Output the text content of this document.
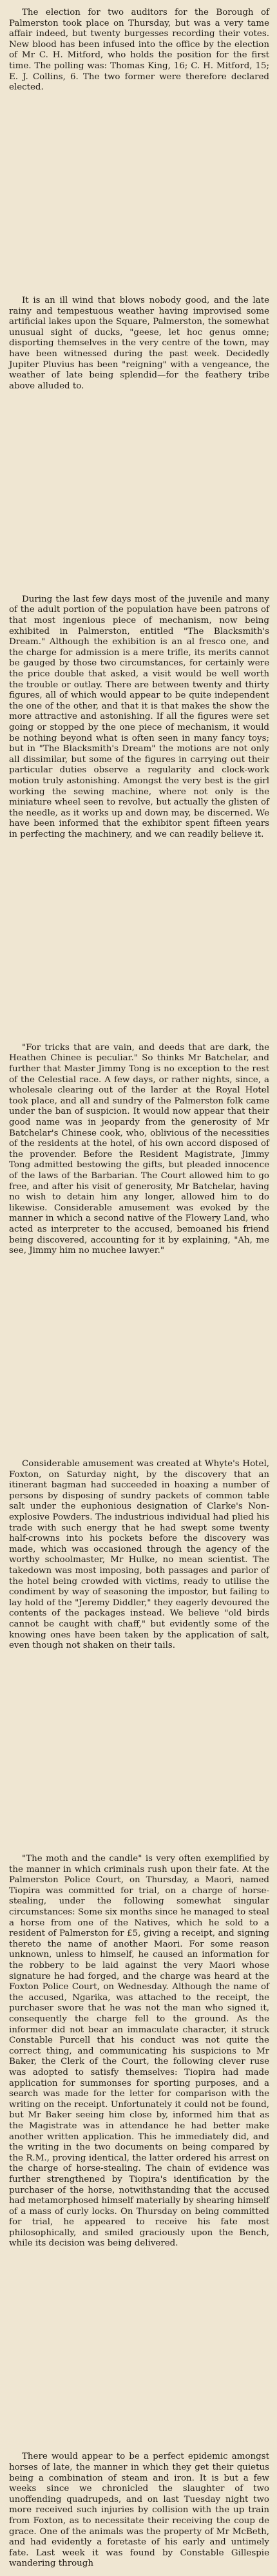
The election for two auditors for the Borough of Palmerston took place on Thursday, but was a very tame affair indeed, but twenty burgesses recording their votes. New blood has been infused into the office by the election of Mr C. H. Mitford, who holds the position for the first time. The polling was: Thomas King, 16; C. H. Mitford, 15; E. J. Collins, 6. The two former were therefore declared elected.

It is an ill wind that blows nobody good, and the late rainy and tempestuous weather having improvised some artificial lakes upon the Square, Palmerston, the somewhat unusual sight of ducks, "geese, let hoc genus omne; disporting themselves in the very centre of the town, may have been witnessed during the past week. Decidedly Jupiter Pluvius has been "reigning" with a vengeance, the weather of late being splendid—for the feathery tribe above alluded to.

During the last few days most of the juvenile and many of the adult portion of the population have been patrons of that most ingenious piece of mechanism, now being exhibited in Palmerston, entitled "The Blacksmith's Dream." Although the exhibition is an al fresco one, and the charge for admission is a mere trifle, its merits cannot be gauged by those two circumstances, for certainly were the price double that asked, a visit would be well worth the trouble or outlay. There are between twenty and thirty figures, all of which would appear to be quite independent the one of the other, and that it is that makes the show the more attractive and astonishing. If all the figures were set going or stopped by the one piece of mechanism, it would be nothing beyond what is often seen in many fancy toys; but in "The Blacksmith's Dream" the motions are not only all dissimilar, but some of the figures in carrying out their particular duties observe a regularity and clock-work motion truly astonishing. Amongst the very best is the girl working the sewing machine, where not only is the miniature wheel seen to revolve, but actually the glisten of the needle, as it works up and down may, be discerned. We have been informed that the exhibitor spent fifteen years in perfecting the machinery, and we can readily believe it.

"For tricks that are vain, and deeds that are dark, the Heathen Chinee is peculiar." So thinks Mr Batchelar, and further that Master Jimmy Tong is no exception to the rest of the Celestial race. A few days, or rather nights, since, a wholesale clearing out of the larder at the Royal Hotel took place, and all and sundry of the Palmerston folk came under the ban of suspicion. It would now appear that their good name was in jeopardy from the generosity of Mr Batchelar's Chinese cook, who, oblivious of the necessities of the residents at the hotel, of his own accord disposed of the provender. Before the Resident Magistrate, Jimmy Tong admitted bestowing the gifts, but pleaded innocence of the laws of the Barbarian. The Court allowed him to go free, and after his visit of generosity, Mr Batchelar, having no wish to detain him any longer, allowed him to do likewise. Considerable amusement was evoked by the manner in which a second native of the Flowery Land, who acted as interpreter to the accused, bemoaned his friend being discovered, accounting for it by explaining, "Ah, me see, Jimmy him no muchee lawyer."

Considerable amusement was created at Whyte's Hotel, Foxton, on Saturday night, by the discovery that an itinerant bagman had succeeded in hoaxing a number of persons by disposing of sundry packets of common table salt under the euphonious designation of Clarke's Non-explosive Powders. The industrious individual had plied his trade with such energy that he had swept some twenty half-crowns into his pockets before the discovery was made, which was occasioned through the agency of the worthy schoolmaster, Mr Hulke, no mean scientist. The takedown was most imposing, both passages and parlor of the hotel being crowded with victims, ready to utilise the condiment by way of seasoning the impostor, but failing to lay hold of the "Jeremy Diddler," they eagerly devoured the contents of the packages instead. We believe "old birds cannot be caught with chaff," but evidently some of the knowing ones have been taken by the application of salt, even though not shaken on their tails.

"The moth and the candle" is very often exemplified by the manner in which criminals rush upon their fate. At the Palmerston Police Court, on Thursday, a Maori, named Tiopira was committed for trial, on a charge of horse-stealing, under the following somewhat singular circumstances: Some six months since he managed to steal a horse from one of the Natives, which he sold to a resident of Palmerston for £5, giving a receipt, and signing thereto the name of another Maori. For some reason unknown, unless to himself, he caused an information for the robbery to be laid against the very Maori whose signature he had forged, and the charge was heard at the Foxton Police Court, on Wednesday. Although the name of the accused, Ngarika, was attached to the receipt, the purchaser swore that he was not the man who signed it, consequently the charge fell to the ground. As the informer did not bear an immaculate character, it struck Constable Purcell that his conduct was not quite the correct thing, and communicating his suspicions to Mr Baker, the Clerk of the Court, the following clever ruse was adopted to satisfy themselves: Tiopira had made application for summonses for sporting purposes, and a search was made for the letter for comparison with the writing on the receipt. Unfortunately it could not be found, but Mr Baker seeing him close by, informed him that as the Magistrate was in attendance he had better make another written application. This he immediately did, and the writing in the two documents on being compared by the R.M., proving identical, the latter ordered his arrest on the charge of horse-stealing. The chain of evidence was further strengthened by Tiopira's identification by the purchaser of the horse, notwithstanding that the accused had metamorphosed himself materially by shearing himself of a mass of curly locks. On Thursday on being committed for trial, he appeared to receive his fate most philosophically, and smiled graciously upon the Bench, while its decision was being delivered.

There would appear to be a perfect epidemic amongst horses of late, the manner in which they get their quietus being a combination of steam and iron. It is but a few weeks since we chronicled the slaughter of two unoffending quadrupeds, and on last Tuesday night two more received such injuries by collision with the up train from Foxton, as to necessitate their receiving the coup de grace. One of the animals was the property of Mr McBeth, and had evidently a foretaste of his early and untimely fate. Last week it was found by Constable Gillespie wandering through
